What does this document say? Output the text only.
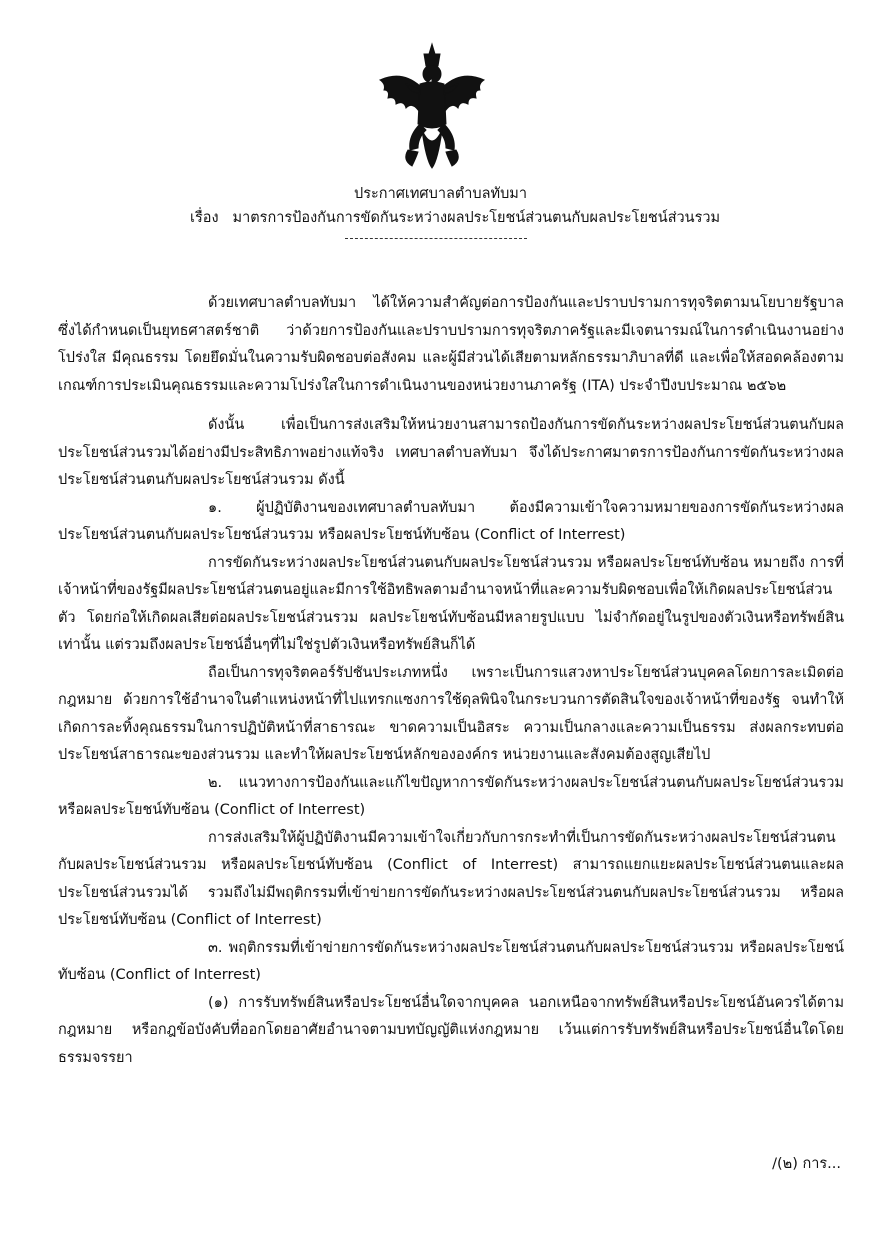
ประกาศเทศบาลตำบลทับมา

เรื่อง มาตรการป้องกันการขัดกันระหว่างผลประโยชน์ส่วนตนกับผลประโยชน์ส่วนรวม

ด้วยเทศบาลตำบลทับมา ได้ให้ความสำคัญต่อการป้องกันและปราบปรามการทุจริตตามนโยบายรัฐบาลซึ่งได้กำหนดเป็นยุทธศาสตร์ชาติ ว่าด้วยการป้องกันและปราบปรามการทุจริตภาครัฐและมีเจตนารมณ์ในการดำเนินงานอย่างโปร่งใส มีคุณธรรม โดยยึดมั่นในความรับผิดชอบต่อสังคม และผู้มีส่วนได้เสียตามหลักธรรมาภิบาลที่ดี และเพื่อให้สอดคล้องตามเกณฑ์การประเมินคุณธรรมและความโปร่งใสในการดำเนินงานของหน่วยงานภาครัฐ (ITA) ประจำปีงบประมาณ ๒๕๖๒

ดังนั้น เพื่อเป็นการส่งเสริมให้หน่วยงานสามารถป้องกันการขัดกันระหว่างผลประโยชน์ส่วนตนกับผลประโยชน์ส่วนรวมได้อย่างมีประสิทธิภาพอย่างแท้จริง เทศบาลตำบลทับมา จึงได้ประกาศมาตรการป้องกันการขัดกันระหว่างผลประโยชน์ส่วนตนกับผลประโยชน์ส่วนรวม ดังนี้

๑. ผู้ปฏิบัติงานของเทศบาลตำบลทับมา ต้องมีความเข้าใจความหมายของการขัดกันระหว่างผลประโยชน์ส่วนตนกับผลประโยชน์ส่วนรวม หรือผลประโยชน์ทับซ้อน (Conflict of Interrest)

การขัดกันระหว่างผลประโยชน์ส่วนตนกับผลประโยชน์ส่วนรวม หรือผลประโยชน์ทับซ้อน หมายถึง การที่เจ้าหน้าที่ของรัฐมีผลประโยชน์ส่วนตนอยู่และมีการใช้อิทธิพลตามอำนาจหน้าที่และความรับผิดชอบเพื่อให้เกิดผลประโยชน์ส่วนตัว โดยก่อให้เกิดผลเสียต่อผลประโยชน์ส่วนรวม ผลประโยชน์ทับซ้อนมีหลายรูปแบบ ไม่จำกัดอยู่ในรูปของตัวเงินหรือทรัพย์สินเท่านั้น แต่รวมถึงผลประโยชน์อื่นๆที่ไม่ใช่รูปตัวเงินหรือทรัพย์สินก็ได้

ถือเป็นการทุจริตคอร์รัปชันประเภทหนึ่ง เพราะเป็นการแสวงหาประโยชน์ส่วนบุคคลโดยการละเมิดต่อกฎหมาย ด้วยการใช้อำนาจในตำแหน่งหน้าที่ไปแทรกแซงการใช้ดุลพินิจในกระบวนการตัดสินใจของเจ้าหน้าที่ของรัฐ จนทำให้เกิดการละทิ้งคุณธรรมในการปฏิบัติหน้าที่สาธารณะ ขาดความเป็นอิสระ ความเป็นกลางและความเป็นธรรม ส่งผลกระทบต่อประโยชน์สาธารณะของส่วนรวม และทำให้ผลประโยชน์หลักขององค์กร หน่วยงานและสังคมต้องสูญเสียไป

๒. แนวทางการป้องกันและแก้ไขปัญหาการขัดกันระหว่างผลประโยชน์ส่วนตนกับผลประโยชน์ส่วนรวม หรือผลประโยชน์ทับซ้อน (Conflict of Interrest)

การส่งเสริมให้ผู้ปฏิบัติงานมีความเข้าใจเกี่ยวกับการกระทำที่เป็นการขัดกันระหว่างผลประโยชน์ส่วนตนกับผลประโยชน์ส่วนรวม หรือผลประโยชน์ทับซ้อน (Conflict of Interrest) สามารถแยกแยะผลประโยชน์ส่วนตนและผลประโยชน์ส่วนรวมได้ รวมถึงไม่มีพฤติกรรมที่เข้าข่ายการขัดกันระหว่างผลประโยชน์ส่วนตนกับผลประโยชน์ส่วนรวม หรือผลประโยชน์ทับซ้อน (Conflict of Interrest)

๓. พฤติกรรมที่เข้าข่ายการขัดกันระหว่างผลประโยชน์ส่วนตนกับผลประโยชน์ส่วนรวม หรือผลประโยชน์ทับซ้อน (Conflict of Interrest)

(๑) การรับทรัพย์สินหรือประโยชน์อื่นใดจากบุคคล นอกเหนือจากทรัพย์สินหรือประโยชน์อันควรได้ตามกฎหมาย หรือกฎข้อบังคับที่ออกโดยอาศัยอำนาจตามบทบัญญัติแห่งกฎหมาย เว้นแต่การรับทรัพย์สินหรือประโยชน์อื่นใดโดยธรรมจรรยา

/(๒) การ...
